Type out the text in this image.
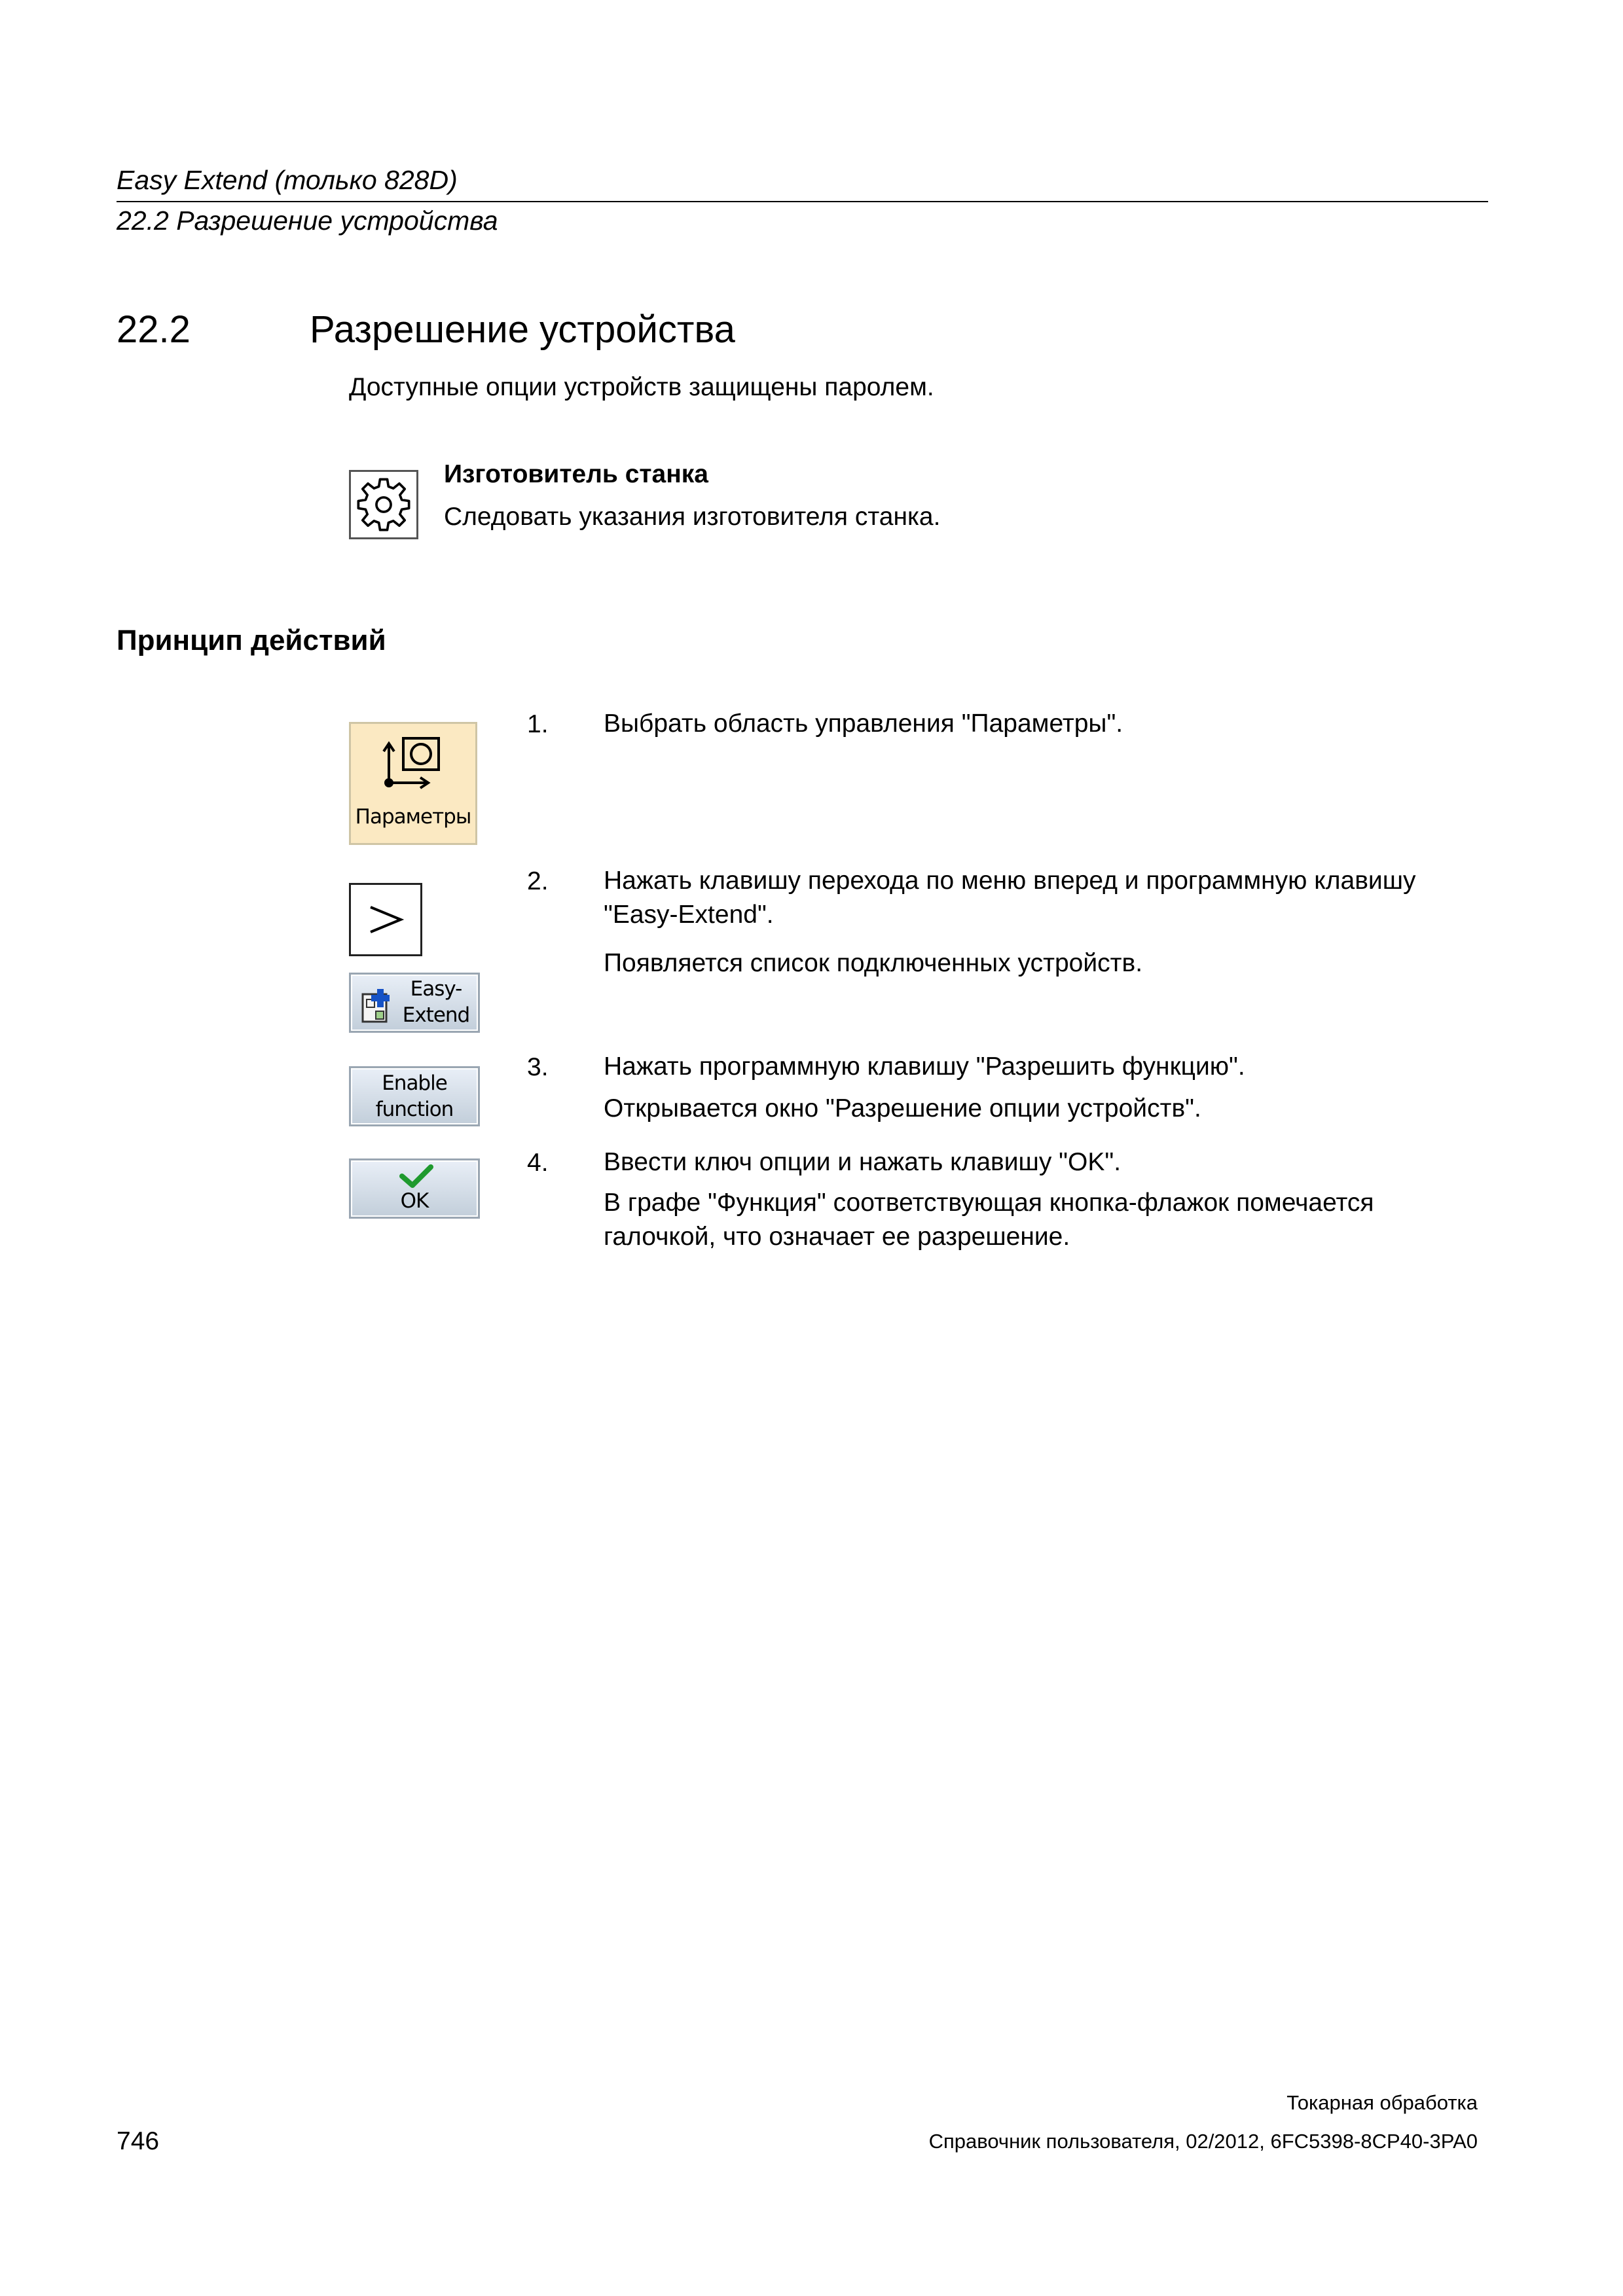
Easy Extend (только 828D)
22.2 Разрешение устройства
22.2	Разрешение устройства
Доступные опции устройств защищены паролем.
Изготовитель станка
Следовать указания изготовителя станка.
Принцип действий
Параметры
1. Выбрать область управления "Параметры".
Easy-
Extend
2. Нажать клавишу перехода по меню вперед и программную клавишу "Easy-Extend".
Появляется список подключенных устройств.
Enable
function
3. Нажать программную клавишу "Разрешить функцию".
Открывается окно "Разрешение опции устройств".
OK
4. Ввести ключ опции и нажать клавишу "OK".
В графе "Функция" соответствующая кнопка-флажок помечается галочкой, что означает ее разрешение.
Токарная обработка
746	Справочник пользователя, 02/2012, 6FC5398-8CP40-3PA0
